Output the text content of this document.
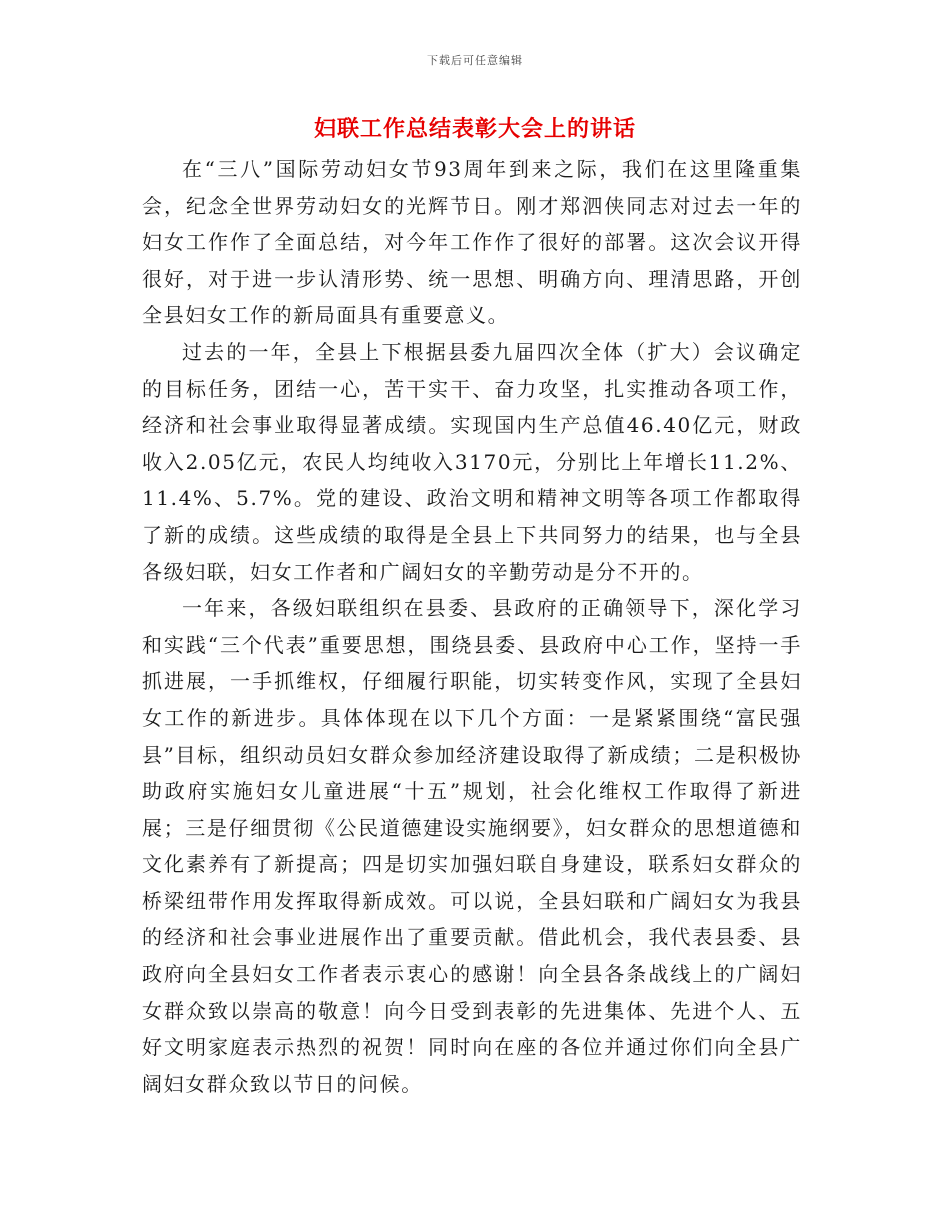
下载后可任意编辑
妇联工作总结表彰大会上的讲话

在“三八”国际劳动妇女节93周年到来之际，我们在这里隆重集会，纪念全世界劳动妇女的光辉节日。刚才郑泗侠同志对过去一年的妇女工作作了全面总结，对今年工作作了很好的部署。这次会议开得很好，对于进一步认清形势、统一思想、明确方向、理清思路，开创全县妇女工作的新局面具有重要意义。

过去的一年，全县上下根据县委九届四次全体（扩大）会议确定的目标任务，团结一心，苦干实干、奋力攻坚，扎实推动各项工作，经济和社会事业取得显著成绩。实现国内生产总值46.40亿元，财政收入2.05亿元，农民人均纯收入3170元，分别比上年增长11.2%、11.4%、5.7%。党的建设、政治文明和精神文明等各项工作都取得了新的成绩。这些成绩的取得是全县上下共同努力的结果，也与全县各级妇联，妇女工作者和广阔妇女的辛勤劳动是分不开的。

一年来，各级妇联组织在县委、县政府的正确领导下，深化学习和实践“三个代表”重要思想，围绕县委、县政府中心工作，坚持一手抓进展，一手抓维权，仔细履行职能，切实转变作风，实现了全县妇女工作的新进步。具体体现在以下几个方面：一是紧紧围绕“富民强县”目标，组织动员妇女群众参加经济建设取得了新成绩；二是积极协助政府实施妇女儿童进展“十五”规划，社会化维权工作取得了新进展；三是仔细贯彻《公民道德建设实施纲要》，妇女群众的思想道德和文化素养有了新提高；四是切实加强妇联自身建设，联系妇女群众的桥梁纽带作用发挥取得新成效。可以说，全县妇联和广阔妇女为我县的经济和社会事业进展作出了重要贡献。借此机会，我代表县委、县政府向全县妇女工作者表示衷心的感谢！向全县各条战线上的广阔妇女群众致以崇高的敬意！向今日受到表彰的先进集体、先进个人、五好文明家庭表示热烈的祝贺！同时向在座的各位并通过你们向全县广阔妇女群众致以节日的问候。
